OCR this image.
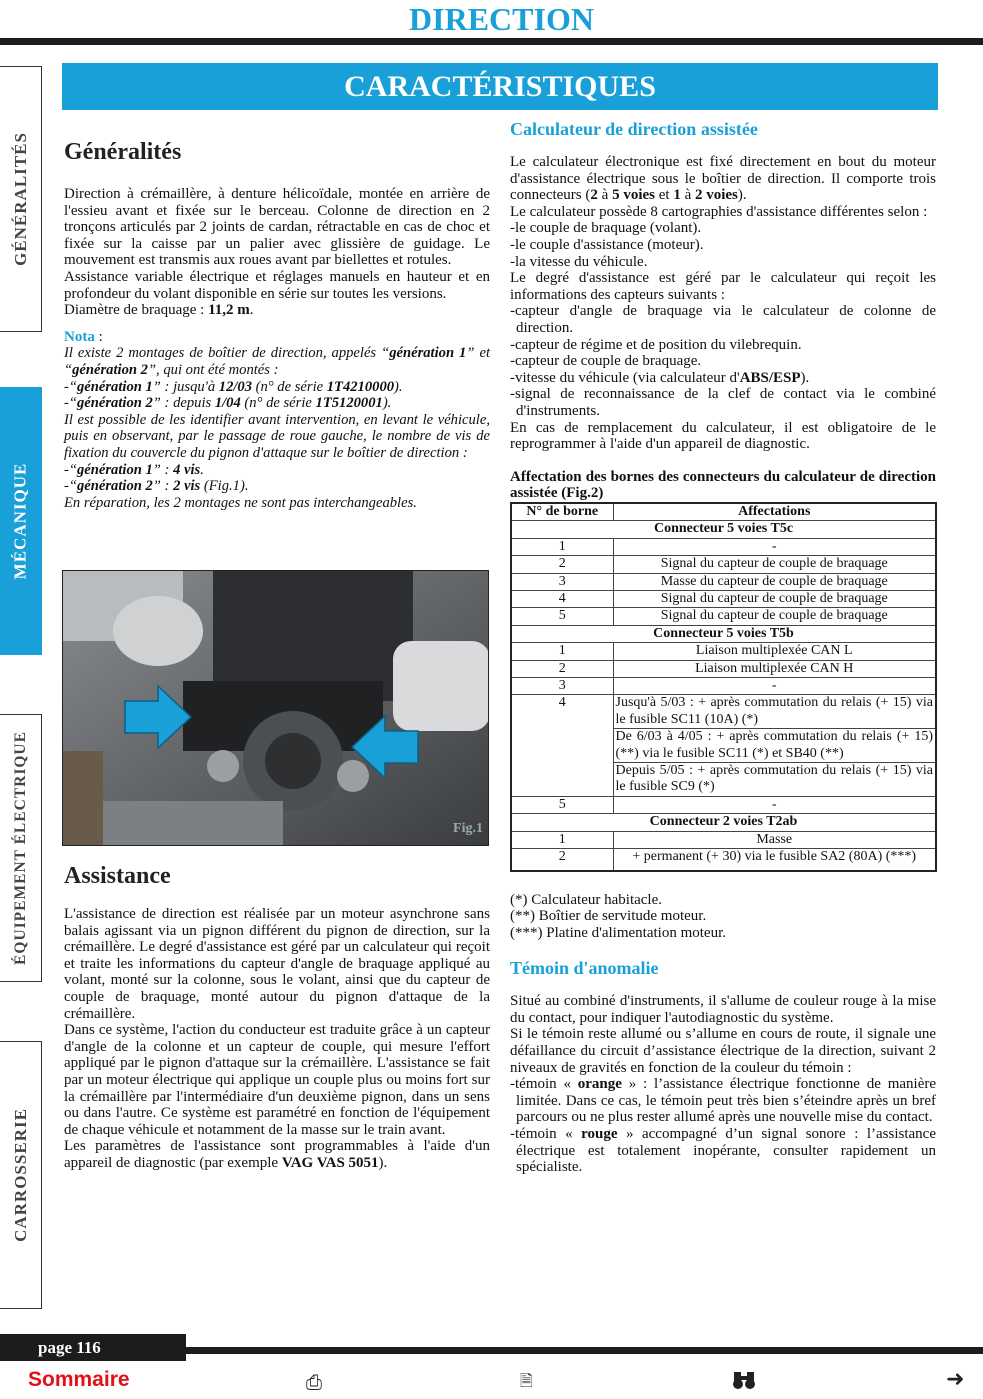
DIRECTION
GÉNÉRALITÉS
MÉCANIQUE
ÉQUIPEMENT ÉLECTRIQUE
CARROSSERIE
CARACTÉRISTIQUES
Généralités

Direction à crémaillère, à denture hélicoïdale, montée en arrière de l'essieu avant et fixée sur le berceau. Colonne de direction en 2 tronçons articulés par 2 joints de cardan, rétractable en cas de choc et fixée sur la caisse par un palier avec glissière de guidage. Le mouvement est transmis aux roues avant par biellettes et rotules.

Assistance variable électrique et réglages manuels en hauteur et en profondeur du volant disponible en série sur toutes les versions.

Diamètre de braquage : 11,2 m.

Nota :

Il existe 2 montages de boîtier de direction, appelés “génération 1” et “génération 2”, qui ont été montés :

-“génération 1” : jusqu'à 12/03 (n° de série 1T4210000).

-“génération 2” : depuis 1/04 (n° de série 1T5120001).

Il est possible de les identifier avant intervention, en levant le véhicule, puis en observant, par le passage de roue gauche, le nombre de vis de fixation du couvercle du pignon d'attaque sur le boîtier de direction :

-“génération 1” : 4 vis.

-“génération 2” : 2 vis (Fig.1).

En réparation, les 2 montages ne sont pas interchangeables.

Fig.1
Assistance

L'assistance de direction est réalisée par un moteur asynchrone sans balais agissant via un pignon différent du pignon de direction, sur la crémaillère. Le degré d'assistance est géré par un calculateur qui reçoit et traite les informations du capteur d'angle de braquage appliqué au volant, monté sur la colonne, sous le volant, ainsi que du capteur de couple de braquage, monté autour du pignon d'attaque de la crémaillère.

Dans ce système, l'action du conducteur est traduite grâce à un capteur d'angle de la colonne et un capteur de couple, qui mesure l'effort appliqué par le pignon d'attaque sur la crémaillère. L'assistance se fait par un moteur électrique qui applique un couple plus ou moins fort sur la crémaillère par l'intermédiaire d'un deuxième pignon, dans un sens ou dans l'autre. Ce système est paramétré en fonction de l'équipement de chaque véhicule et notamment de la masse sur le train avant.

Les paramètres de l'assistance sont programmables à l'aide d'un appareil de diagnostic (par exemple VAG VAS 5051).

Calculateur de direction assistée

Le calculateur électronique est fixé directement en bout du moteur d'assistance électrique sous le boîtier de direction. Il comporte trois connecteurs (2 à 5 voies et 1 à 2 voies).

Le calculateur possède 8 cartographies d'assistance différentes selon :

-le couple de braquage (volant).

-le couple d'assistance (moteur).

-la vitesse du véhicule.

Le degré d'assistance est géré par le calculateur qui reçoit les informations des capteurs suivants :

-capteur d'angle de braquage via le calculateur de colonne de direction.

-capteur de régime et de position du vilebrequin.

-capteur de couple de braquage.

-vitesse du véhicule (via calculateur d'ABS/ESP).

-signal de reconnaissance de la clef de contact via le combiné d'instruments.

En cas de remplacement du calculateur, il est obligatoire de le reprogrammer à l'aide d'un appareil de diagnostic.

Affectation des bornes des connecteurs du calculateur de direction assistée (Fig.2)

N° de borne	Affectations
Connecteur 5 voies T5c	
1	-
2	Signal du capteur de couple de braquage
3	Masse du capteur de couple de braquage
4	Signal du capteur de couple de braquage
5	Signal du capteur de couple de braquage
Connecteur 5 voies T5b	
1	Liaison multiplexée CAN L
2	Liaison multiplexée CAN H
3	-
4	Jusqu'à 5/03 : + après commutation du relais (+ 15) via le fusible SC11 (10A) (*)
	De 6/03 à 4/05 : + après commutation du relais (+ 15) (**) via le fusible SC11 (*) et SB40 (**)
	Depuis 5/05 : + après commutation du relais (+ 15) via le fusible SC9 (*)
5	-
Connecteur 2 voies T2ab	
1	Masse
2	+ permanent (+ 30) via le fusible SA2 (80A) (***)

(*) Calculateur habitacle.

(**) Boîtier de servitude moteur.

(***) Platine d'alimentation moteur.

Témoin d'anomalie

Situé au combiné d'instruments, il s'allume de couleur rouge à la mise du contact, pour indiquer l'autodiagnostic du système.

Si le témoin reste allumé ou s’allume en cours de route, il signale une défaillance du circuit d’assistance électrique de la direction, suivant 2 niveaux de gravités en fonction de la couleur du témoin :

-témoin « orange » : l’assistance électrique fonctionne de manière limitée. Dans ce cas, le témoin peut très bien s’éteindre après un bref parcours ou ne plus rester allumé après une nouvelle mise du contact.

-témoin « rouge » accompagné d’un signal sonore : l’assistance électrique est totalement inopérante, consulter rapidement un spécialiste.

page 116
Sommaire	⎙	🗎	➜
